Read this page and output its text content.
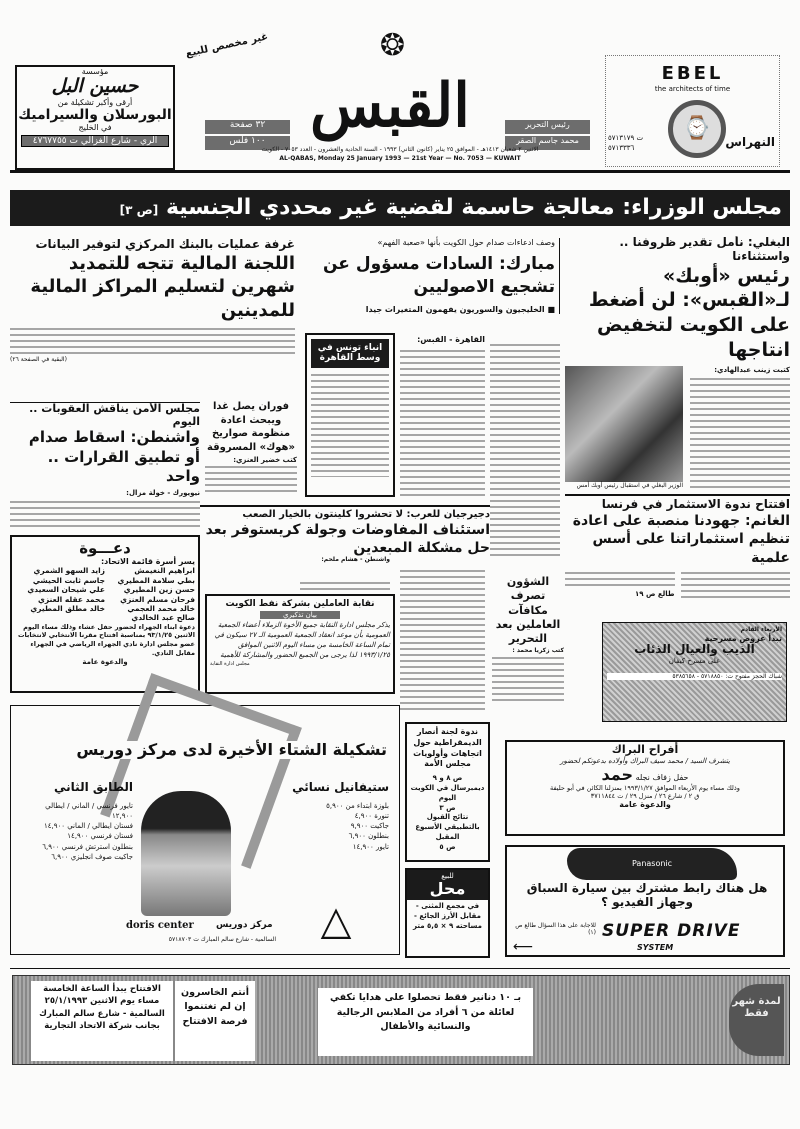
مؤسسة
حسين البل
أرقى وأكبر تشكيلة من
البورسلان والسيراميك
في الخليج
الري - شارع الغزالي ت ٤٧٦٧٧٥٥
غير مخصص للبيع
٣٢ صفحة
١٠٠ فلس
❂
القبس	رئيس التحرير
محمد جاسم الصقر
الاثنين ٢ شعبان ١٤١٣هـ - الموافق ٢٥ يناير (كانون الثاني) ١٩٩٣ - السنة الحادية والعشرون - العدد ٧٠٥٣ - الكويت
AL-QABAS, Monday 25 January 1993 — 21st Year — No. 7053 — KUWAIT
EBEL
the architects of time
⌚
ت ٥٧١٣١٧٩
٥٧١٣٣٣٦	النهراس
مجلس الوزراء: معالجة حاسمة لقضية غير محددي الجنسية [ص ٣]
البغلي: نأمل تقدير ظروفنا .. واستثناءنا
رئيس «أوبك» لـ«القبس»: لن أضغط على الكويت لتخفيض انتاجها
كتبت زينب عبدالهادي:
الوزير البغلي في استقبال رئيس أوبك أمس
افتتاح ندوة الاستثمار في فرنسا
الغانم: جهودنا منصبة على اعادة تنظيم استثماراتنا على أسس علمية
طالع ص ١٩
وصف ادعاءات صدام حول الكويت بأنها «صعبة الفهم»
مبارك: السادات مسؤول عن تشجيع الاصوليين
■ الخليجيون والسوريون يفهمون المتغيرات جيدا
القاهرة - القبس:
انباء تونس في وسط القاهرة
غرفة عمليات بالبنك المركزي لتوفير البيانات
اللجنة المالية تتجه للتمديد شهرين لتسليم المراكز المالية للمدينين
(البقية في الصفحة ٢٦)
مجلس الأمن يناقش العقوبات .. اليوم
واشنطن: اسقاط صدام أو تطبيق القرارات .. واحد
نيويورك - خولة مزال:
فوران يصل غدا ويبحث اعادة منظومة صواريخ «هوك» المسروقة
كتب خضير العنزي:
دجيرجيان للعرب: لا تحشروا كلينتون بالخيار الصعب
استئناف المفاوضات وجولة كريستوفر بعد حل مشكلة المبعدين
واشنطن - هشام ملحم:
الشؤون تصرف مكافآت العاملين بعد التحرير
كتب زكريا محمد :
دعـــوة
يسر أسرة قائمة الاتحاد:
ابراهيم النغيمش
زايد السهو الشمري
بطي سلامة المطيري
جاسم ثابت الحيشي
حسن زين المطيري
علي شيحان السعيدي
فرحان مسلم العنزي
محمد عقله العنزي
خالد محمد العجمي
خالد مطلق المطيري
صالح عبد الخالدي
دعوة ابناء الجهراء لحضور حفل عشاء وذلك مساء اليوم الاثنين ٩٣/١/٢٥ بمناسبة افتتاح مقرنا الانتخابي لانتخابات عضو مجلس ادارة نادي الجهراء الرياضي في الجهراء مقابل النادي.
والدعوة عامة
نقابة العاملين بشركة نفط الكويت
بيان تذكيري
يذكر مجلس ادارة النقابة جميع الأخوة الزملاء أعضاء الجمعية العمومية بأن موعد انعقاد الجمعية العمومية الـ ٢٧ سيكون في تمام الساعة الخامسة من مساء اليوم الاثنين الموافق ١٩٩٣/١/٢٥ لذا يرجى من الجميع الحضور والمشاركة للأهمية
مجلس ادارة النقابة
الأربعاء القادم
تبدأ عروض مسرحية
الذيب والعيال الذئاب
على مسرح كيفان
شباك الحجز مفتوح ت: ٥٧١٨٨٥٠ - ٥٣٨٥٦٥٨
تشكيلة الشتاء الأخيرة لدى مركز دوريس
ستيفانيل نسائي
بلوزة ابتداء من ٥,٩٠٠
تنورة ٤,٩٠٠
جاكيت ٩,٩٠٠
بنطلون ٦,٩٠٠
تايور ١٤,٩٠٠
الطابق الثاني
تايور فرنسي / الماني / ايطالي ١٢,٩٠٠
فستان ايطالي / الماني ١٤,٩٠٠
فستان فرنسي ١٤,٩٠٠
بنطلون استرتش فرنسي ٦,٩٠٠
جاكيت صوف انجليزي ٦,٩٠٠
doris center مركز دوريس
السالمية - شارع سالم المبارك ت ٥٧١٨٧٠٣ △
ندوة لجنة أنصار الديمقراطية حول اتجاهات وأولويات مجلس الأمة
ص ٨ و ٩
ديمبرسال في الكويت اليوم
ص ٣
نتائج القبول بالتطبيقي الأسبوع المقبل
ص ٥
للبيع
محل
في مجمع المثنى - مقابل الأرز الجائع - مساحته ٩ × ٥,٥ متر
أفراح البراك
يتشرف السيد / محمد سيف البراك وأولاده بدعوتكم لحضور
حفل زفاف نجله حمد
وذلك مساء يوم الأربعاء الموافق ١٩٩٣/١/٢٧ بمنزلنا الكائن في أبو حليفة
ق ٢ / شارع ٢٦ / منزل ٢٩ / ت ٣٧١١٨٤٤
والدعوة عامة
Panasonic
هل هناك رابط مشترك بين سيارة السباق وجهاز الفيديو ؟
SUPER DRIVE
SYSTEM
للاجابة على هذا السؤال طالع ص (١)
⟵
لمدة شهر فقط
بـ ١٠ دنانير فقط تحصلوا على هدايا تكفي لعائلة من ٦ أفراد من الملابس الرجالية والنسائية والأطفال
أنتم الخاسرون إن لم تغتنموا فرصة الافتتاح
الافتتاح يبدأ الساعة الخامسة مساء يوم الاثنين ٢٥/١/١٩٩٣ السالمية - شارع سالم المبارك بجانب شركة الاتحاد التجارية
